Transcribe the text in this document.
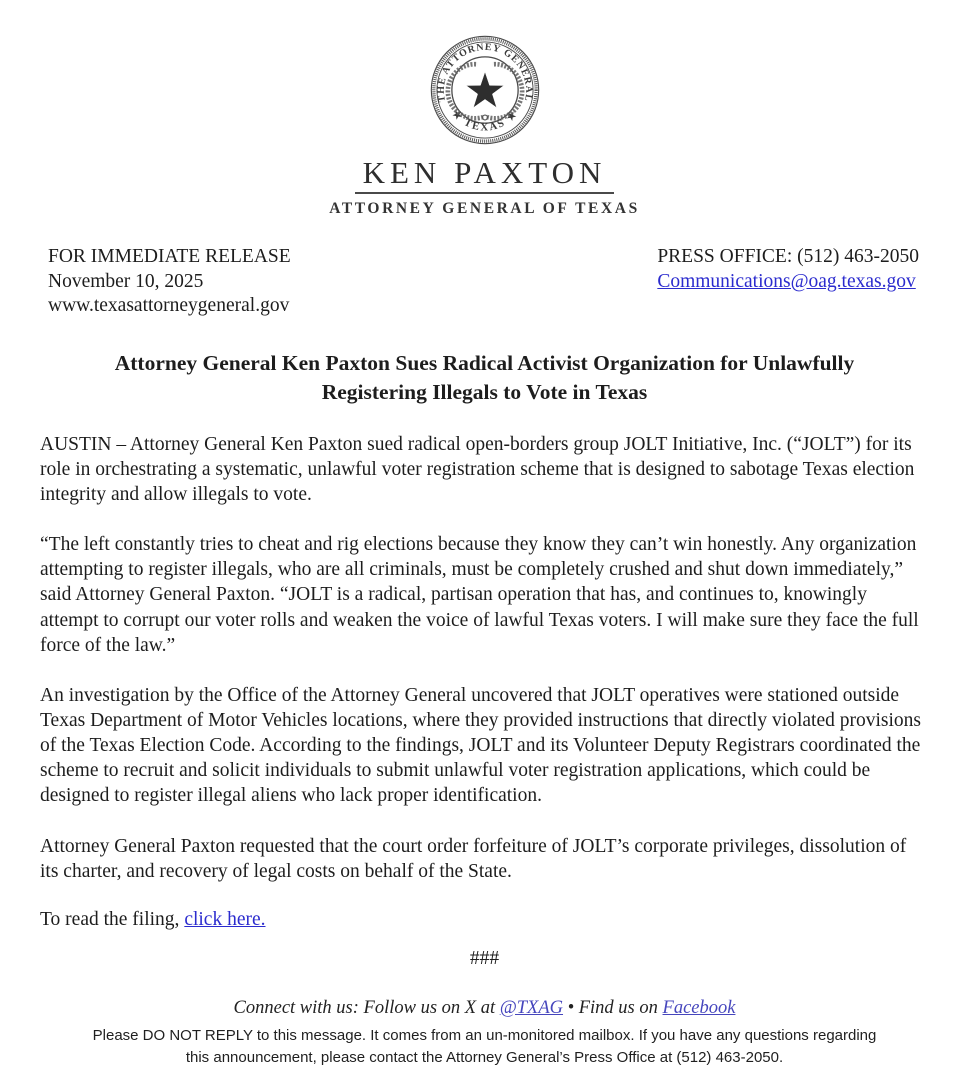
THE ATTORNEY GENERAL
★ TEXAS ★
KEN PAXTON
ATTORNEY GENERAL OF TEXAS
FOR IMMEDIATE RELEASE
November 10, 2025
www.texasattorneygeneral.gov
PRESS OFFICE: (512) 463-2050
Communications@oag.texas.gov
Attorney General Ken Paxton Sues Radical Activist Organization for Unlawfully Registering Illegals to Vote in Texas

AUSTIN – Attorney General Ken Paxton sued radical open-borders group JOLT Initiative, Inc. (“JOLT”) for its role in orchestrating a systematic, unlawful voter registration scheme that is designed to sabotage Texas election integrity and allow illegals to vote.

“The left constantly tries to cheat and rig elections because they know they can’t win honestly. Any organization attempting to register illegals, who are all criminals, must be completely crushed and shut down immediately,” said Attorney General Paxton. “JOLT is a radical, partisan operation that has, and continues to, knowingly attempt to corrupt our voter rolls and weaken the voice of lawful Texas voters. I will make sure they face the full force of the law.”

An investigation by the Office of the Attorney General uncovered that JOLT operatives were stationed outside Texas Department of Motor Vehicles locations, where they provided instructions that directly violated provisions of the Texas Election Code. According to the findings, JOLT and its Volunteer Deputy Registrars coordinated the scheme to recruit and solicit individuals to submit unlawful voter registration applications, which could be designed to register illegal aliens who lack proper identification.

Attorney General Paxton requested that the court order forfeiture of JOLT’s corporate privileges, dissolution of its charter, and recovery of legal costs on behalf of the State.

To read the filing, click here.

###
Connect with us: Follow us on X at @TXAG • Find us on Facebook
Please DO NOT REPLY to this message. It comes from an un-monitored mailbox. If you have any questions regarding this announcement, please contact the Attorney General’s Press Office at (512) 463-2050.
